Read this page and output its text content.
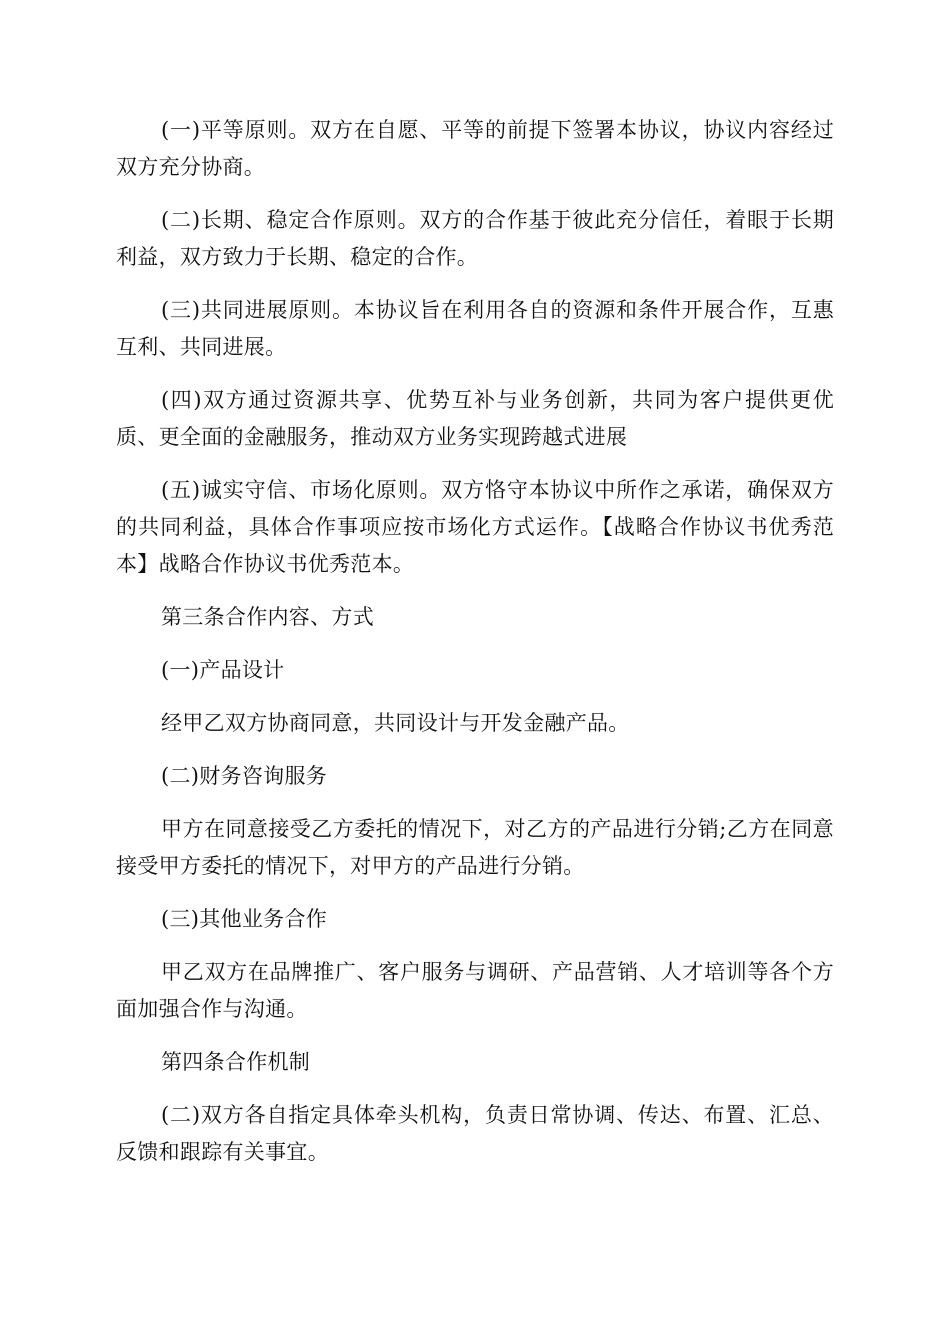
(一)平等原则。双方在自愿、平等的前提下签署本协议，协议内容经过双方充分协商。

(二)长期、稳定合作原则。双方的合作基于彼此充分信任，着眼于长期利益，双方致力于长期、稳定的合作。

(三)共同进展原则。本协议旨在利用各自的资源和条件开展合作，互惠互利、共同进展。

(四)双方通过资源共享、优势互补与业务创新，共同为客户提供更优质、更全面的金融服务，推动双方业务实现跨越式进展

(五)诚实守信、市场化原则。双方恪守本协议中所作之承诺，确保双方的共同利益，具体合作事项应按市场化方式运作。【战略合作协议书优秀范本】战略合作协议书优秀范本。

第三条合作内容、方式

(一)产品设计

经甲乙双方协商同意，共同设计与开发金融产品。

(二)财务咨询服务

甲方在同意接受乙方委托的情况下，对乙方的产品进行分销;乙方在同意接受甲方委托的情况下，对甲方的产品进行分销。

(三)其他业务合作

甲乙双方在品牌推广、客户服务与调研、产品营销、人才培训等各个方面加强合作与沟通。

第四条合作机制

(二)双方各自指定具体牵头机构，负责日常协调、传达、布置、汇总、反馈和跟踪有关事宜。
